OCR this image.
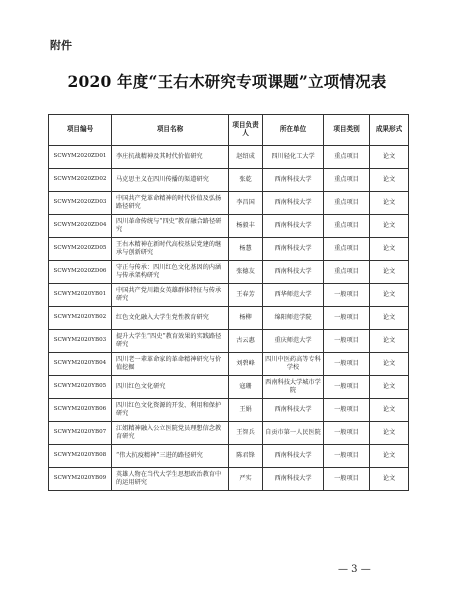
附件
2020 年度“王右木研究专项课题”立项情况表
项目编号	项目名称	项目负责人	所在单位	项目类别	成果形式
SCWYM2020ZD01	李庄抗战精神及其时代价值研究	赵绍成	四川轻化工大学	重点项目	论文
SCWYM2020ZD02	马克思主义在四川传播的渠道研究	张乾	西南科技大学	重点项目	论文
SCWYM2020ZD03	中国共产党革命精神的时代价值及弘扬路径研究	李昌国	西南科技大学	重点项目	论文
SCWYM2020ZD04	四川革命传统与“四史”教育融合路径研究	杨毅丰	西南科技大学	重点项目	论文
SCWYM2020ZD05	王右木精神在新时代高校基层党建的继承与创新研究	杨慧	西南科技大学	重点项目	论文
SCWYM2020ZD06	守正与传承：四川红色文化基因的内涵与传承架构研究	张德友	西南科技大学	重点项目	论文
SCWYM2020YB01	中国共产党川籍女英雄群体特征与传承研究	王春芳	西华师范大学	一般项目	论文
SCWYM2020YB02	红色文化融入大学生党性教育研究	杨柳	绵阳师范学院	一般项目	论文
SCWYM2020YB03	提升大学生“四史”教育效果的实践路径研究	古云惠	重庆师范大学	一般项目	论文
SCWYM2020YB04	四川老一辈革命家的革命精神研究与价值挖掘	刘碧峰	四川中医药高等专科学校	一般项目	论文
SCWYM2020YB05	四川红色文化研究	寇珊	西南科技大学城市学院	一般项目	论文
SCWYM2020YB06	四川红色文化资源的开发、利用和保护研究	王娟	西南科技大学	一般项目	论文
SCWYM2020YB07	江姐精神融入公立医院党员理想信念教育研究	王智兵	自贡市第一人民医院	一般项目	论文
SCWYM2020YB08	“伟大抗疫精神”三进的路径研究	陈君锋	西南科技大学	一般项目	论文
SCWYM2020YB09	英雄人物在当代大学生思想政治教育中的运用研究	严实	西南科技大学	一般项目	论文
— 3 —
